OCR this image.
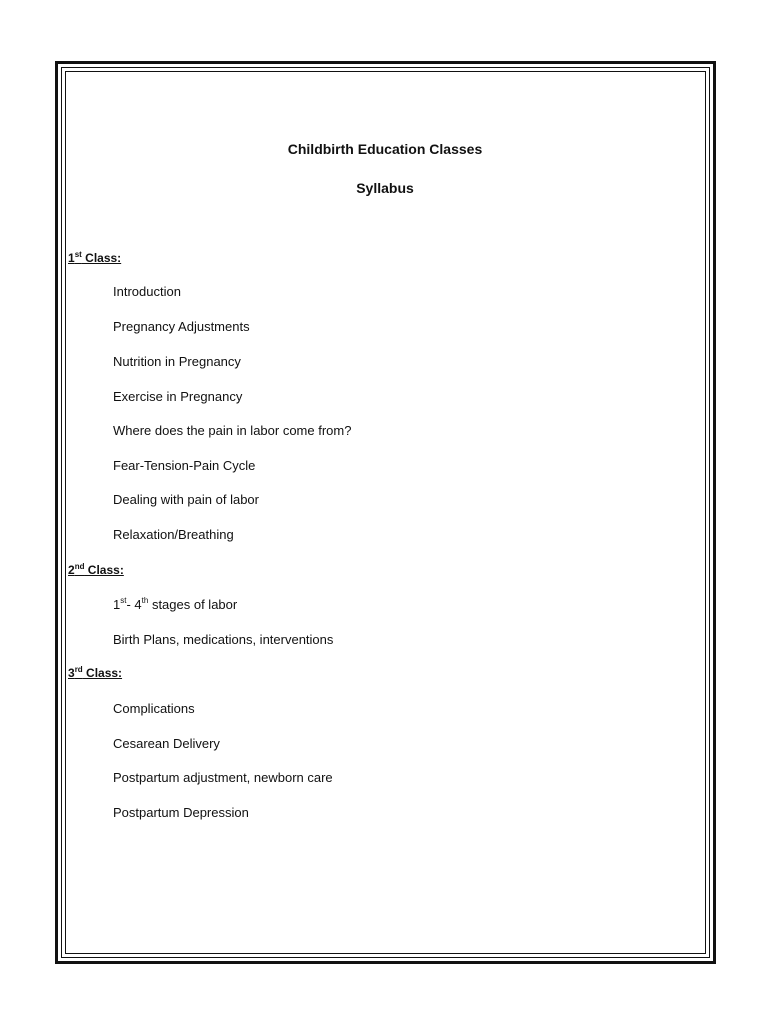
Childbirth Education Classes
Syllabus
1st Class:
Introduction
Pregnancy Adjustments
Nutrition in Pregnancy
Exercise in Pregnancy
Where does the pain in labor come from?
Fear-Tension-Pain Cycle
Dealing with pain of labor
Relaxation/Breathing
2nd Class:
1st- 4th stages of labor
Birth Plans, medications, interventions
3rd Class:
Complications
Cesarean Delivery
Postpartum adjustment, newborn care
Postpartum Depression
